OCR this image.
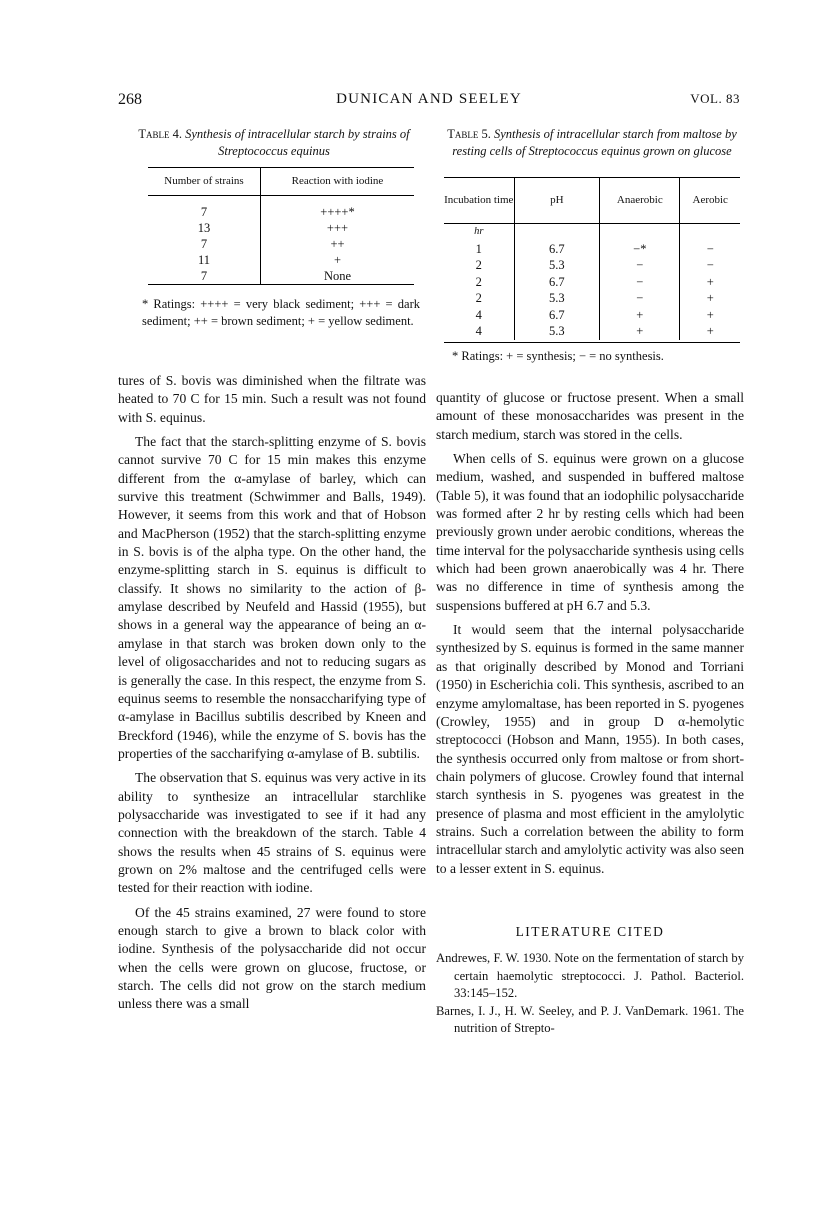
268	DUNICAN AND SEELEY	VOL. 83
Table 4. Synthesis of intracellular starch by strains of Streptococcus equinus
Number of strains	Reaction with iodine

7	++++*
13	+++
7	++
11	+
7	None
* Ratings: ++++ = very black sediment; +++ = dark sediment; ++ = brown sediment; + = yellow sediment.
Table 5. Synthesis of intracellular starch from maltose by resting cells of Streptococcus equinus grown on glucose
Incubation time	pH	Anaerobic	Aerobic
hr			
1	6.7	−*	−
2	5.3	−	−
2	6.7	−	+
2	5.3	−	+
4	6.7	+	+
4	5.3	+	+
* Ratings: + = synthesis; − = no synthesis.

tures of S. bovis was diminished when the filtrate was heated to 70 C for 15 min. Such a result was not found with S. equinus.

The fact that the starch-splitting enzyme of S. bovis cannot survive 70 C for 15 min makes this enzyme different from the α-amylase of barley, which can survive this treatment (Schwimmer and Balls, 1949). However, it seems from this work and that of Hobson and MacPherson (1952) that the starch-splitting enzyme in S. bovis is of the alpha type. On the other hand, the enzyme-splitting starch in S. equinus is difficult to classify. It shows no similarity to the action of β-amylase described by Neufeld and Hassid (1955), but shows in a general way the appearance of being an α-amylase in that starch was broken down only to the level of oligosaccharides and not to reducing sugars as is generally the case. In this respect, the enzyme from S. equinus seems to resemble the nonsaccharifying type of α-amylase in Bacillus subtilis described by Kneen and Breckford (1946), while the enzyme of S. bovis has the properties of the saccharifying α-amylase of B. subtilis.

The observation that S. equinus was very active in its ability to synthesize an intracellular starchlike polysaccharide was investigated to see if it had any connection with the breakdown of the starch. Table 4 shows the results when 45 strains of S. equinus were grown on 2% maltose and the centrifuged cells were tested for their reaction with iodine.

Of the 45 strains examined, 27 were found to store enough starch to give a brown to black color with iodine. Synthesis of the polysaccharide did not occur when the cells were grown on glucose, fructose, or starch. The cells did not grow on the starch medium unless there was a small

quantity of glucose or fructose present. When a small amount of these monosaccharides was present in the starch medium, starch was stored in the cells.

When cells of S. equinus were grown on a glucose medium, washed, and suspended in buffered maltose (Table 5), it was found that an iodophilic polysaccharide was formed after 2 hr by resting cells which had been previously grown under aerobic conditions, whereas the time interval for the polysaccharide synthesis using cells which had been grown anaerobically was 4 hr. There was no difference in time of synthesis among the suspensions buffered at pH 6.7 and 5.3.

It would seem that the internal polysaccharide synthesized by S. equinus is formed in the same manner as that originally described by Monod and Torriani (1950) in Escherichia coli. This synthesis, ascribed to an enzyme amylomaltase, has been reported in S. pyogenes (Crowley, 1955) and in group D α-hemolytic streptococci (Hobson and Mann, 1955). In both cases, the synthesis occurred only from maltose or from short-chain polymers of glucose. Crowley found that internal starch synthesis in S. pyogenes was greatest in the presence of plasma and most efficient in the amylolytic strains. Such a correlation between the ability to form intracellular starch and amylolytic activity was also seen to a lesser extent in S. equinus.

LITERATURE CITED

Andrewes, F. W. 1930. Note on the fermentation of starch by certain haemolytic streptococci. J. Pathol. Bacteriol. 33:145–152.

Barnes, I. J., H. W. Seeley, and P. J. VanDemark. 1961. The nutrition of Strepto-
